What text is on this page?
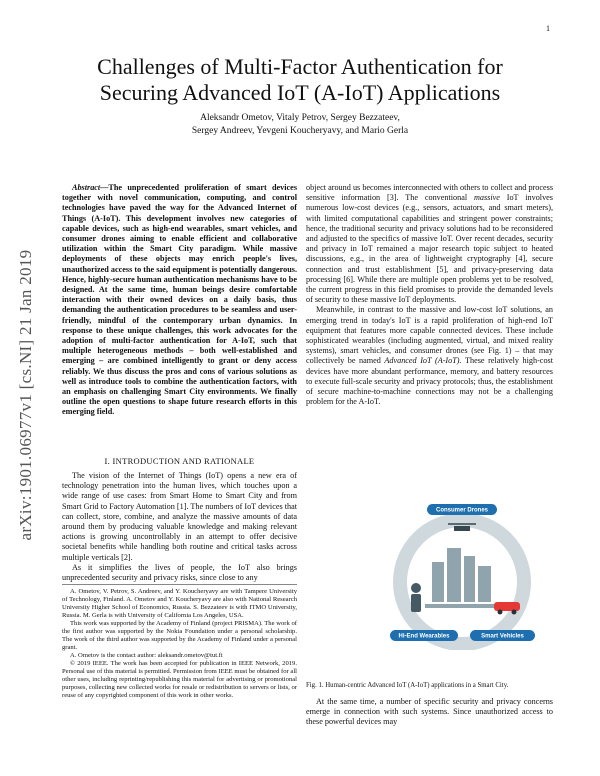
1
arXiv:1901.06977v1 [cs.NI] 21 Jan 2019
Challenges of Multi-Factor Authentication for Securing Advanced IoT (A-IoT) Applications
Aleksandr Ometov, Vitaly Petrov, Sergey Bezzateev,
Sergey Andreev, Yevgeni Koucheryavy, and Mario Gerla

Abstract—The unprecedented proliferation of smart devices together with novel communication, computing, and control technologies have paved the way for the Advanced Internet of Things (A-IoT). This development involves new categories of capable devices, such as high-end wearables, smart vehicles, and consumer drones aiming to enable efficient and collaborative utilization within the Smart City paradigm. While massive deployments of these objects may enrich people's lives, unauthorized access to the said equipment is potentially dangerous. Hence, highly-secure human authentication mechanisms have to be designed. At the same time, human beings desire comfortable interaction with their owned devices on a daily basis, thus demanding the authentication procedures to be seamless and user-friendly, mindful of the contemporary urban dynamics. In response to these unique challenges, this work advocates for the adoption of multi-factor authentication for A-IoT, such that multiple heterogeneous methods – both well-established and emerging – are combined intelligently to grant or deny access reliably. We thus discuss the pros and cons of various solutions as well as introduce tools to combine the authentication factors, with an emphasis on challenging Smart City environments. We finally outline the open questions to shape future research efforts in this emerging field.

I. INTRODUCTION AND RATIONALE

The vision of the Internet of Things (IoT) opens a new era of technology penetration into the human lives, which touches upon a wide range of use cases: from Smart Home to Smart City and from Smart Grid to Factory Automation [1]. The numbers of IoT devices that can collect, store, combine, and analyze the massive amounts of data around them by producing valuable knowledge and making relevant actions is growing uncontrollably in an attempt to offer decisive societal benefits while handling both routine and critical tasks across multiple verticals [2].

As it simplifies the lives of people, the IoT also brings unprecedented security and privacy risks, since close to any

A. Ometov, V. Petrov, S. Andreev, and Y. Koucheryavy are with Tampere University of Technology, Finland. A. Ometov and Y. Koucheryavy are also with National Research University Higher School of Economics, Russia. S. Bezzateev is with ITMO University, Russia. M. Gerla is with University of California Los Angeles, USA.

This work was supported by the Academy of Finland (project PRISMA). The work of the first author was supported by the Nokia Foundation under a personal scholarship. The work of the third author was supported by the Academy of Finland under a personal grant.

A. Ometov is the contact author: aleksandr.ometov@tut.fi

© 2019 IEEE. The work has been accepted for publication in IEEE Network, 2019. Personal use of this material is permitted. Permission from IEEE must be obtained for all other uses, including reprinting/republishing this material for advertising or promotional purposes, collecting new collected works for resale or redistribution to servers or lists, or reuse of any copyrighted component of this work in other works.

object around us becomes interconnected with others to collect and process sensitive information [3]. The conventional massive IoT involves numerous low-cost devices (e.g., sensors, actuators, and smart meters), with limited computational capabilities and stringent power constraints; hence, the traditional security and privacy solutions had to be reconsidered and adjusted to the specifics of massive IoT. Over recent decades, security and privacy in IoT remained a major research topic subject to heated discussions, e.g., in the area of lightweight cryptography [4], secure connection and trust establishment [5], and privacy-preserving data processing [6]. While there are multiple open problems yet to be resolved, the current progress in this field promises to provide the demanded levels of security to these massive IoT deployments.

Meanwhile, in contrast to the massive and low-cost IoT solutions, an emerging trend in today's IoT is a rapid proliferation of high-end IoT equipment that features more capable connected devices. These include sophisticated wearables (including augmented, virtual, and mixed reality systems), smart vehicles, and consumer drones (see Fig. 1) – that may collectively be named Advanced IoT (A-IoT). These relatively high-cost devices have more abundant performance, memory, and battery resources to execute full-scale security and privacy protocols; thus, the establishment of secure machine-to-machine connections may not be a challenging problem for the A-IoT.

Consumer Drones
Hi-End Wearables	Smart Vehicles
Fig. 1. Human-centric Advanced IoT (A-IoT) applications in a Smart City.

At the same time, a number of specific security and privacy concerns emerge in connection with such systems. Since unauthorized access to these powerful devices may
